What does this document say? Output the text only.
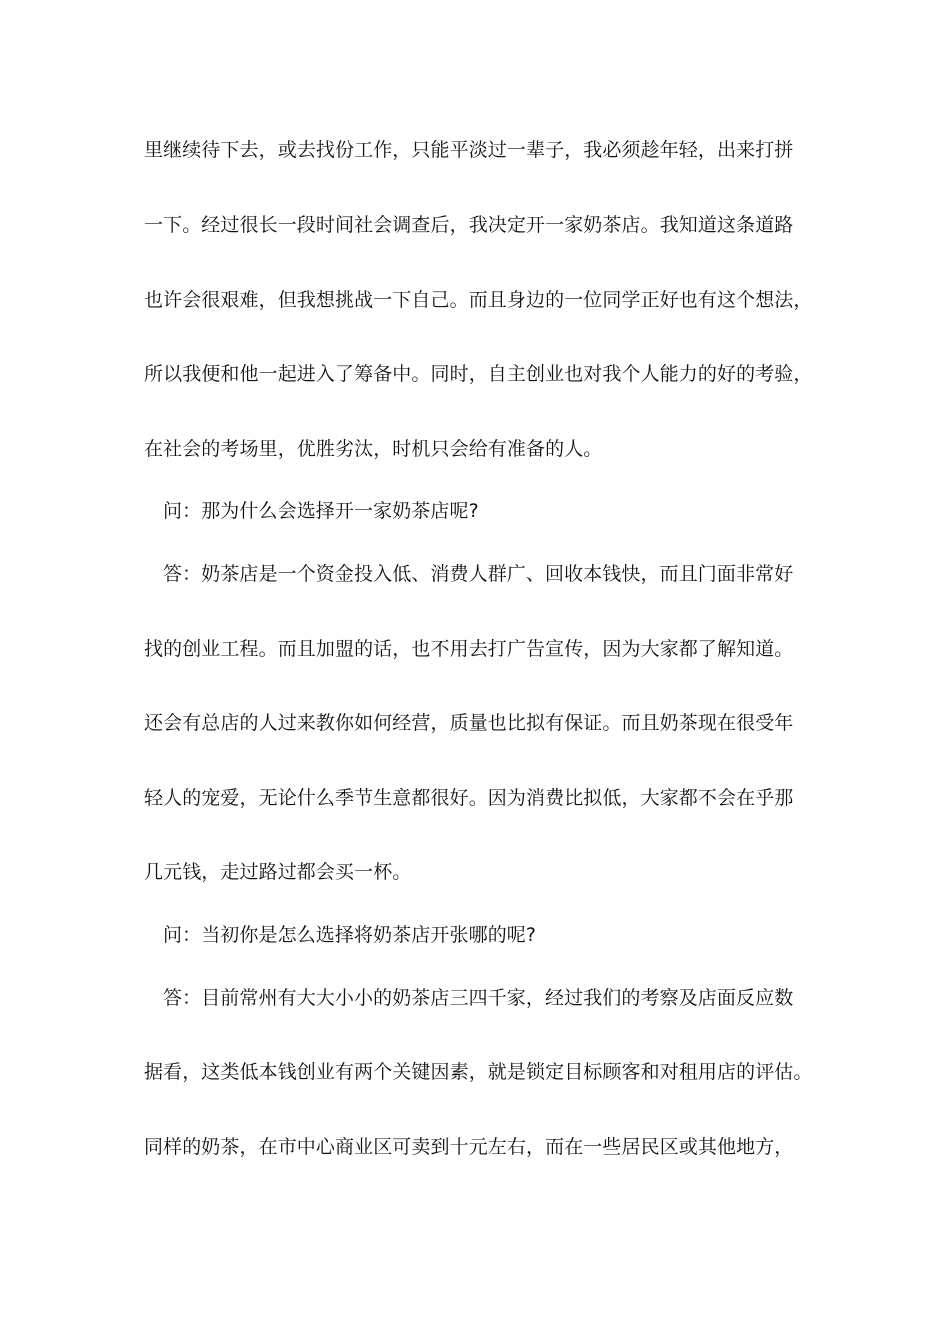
里继续待下去，或去找份工作，只能平淡过一辈子，我必须趁年轻，出来打拼
一下。经过很长一段时间社会调查后，我决定开一家奶茶店。我知道这条道路
也许会很艰难，但我想挑战一下自己。而且身边的一位同学正好也有这个想法，
所以我便和他一起进入了筹备中。同时，自主创业也对我个人能力的好的考验，
在社会的考场里，优胜劣汰，时机只会给有准备的人。
问：那为什么会选择开一家奶茶店呢?
答：奶茶店是一个资金投入低、消费人群广、回收本钱快，而且门面非常好
找的创业工程。而且加盟的话，也不用去打广告宣传，因为大家都了解知道。
还会有总店的人过来教你如何经营，质量也比拟有保证。而且奶茶现在很受年
轻人的宠爱，无论什么季节生意都很好。因为消费比拟低，大家都不会在乎那
几元钱，走过路过都会买一杯。
问：当初你是怎么选择将奶茶店开张哪的呢?
答：目前常州有大大小小的奶茶店三四千家，经过我们的考察及店面反应数
据看，这类低本钱创业有两个关键因素，就是锁定目标顾客和对租用店的评估。
同样的奶茶，在市中心商业区可卖到十元左右，而在一些居民区或其他地方，
